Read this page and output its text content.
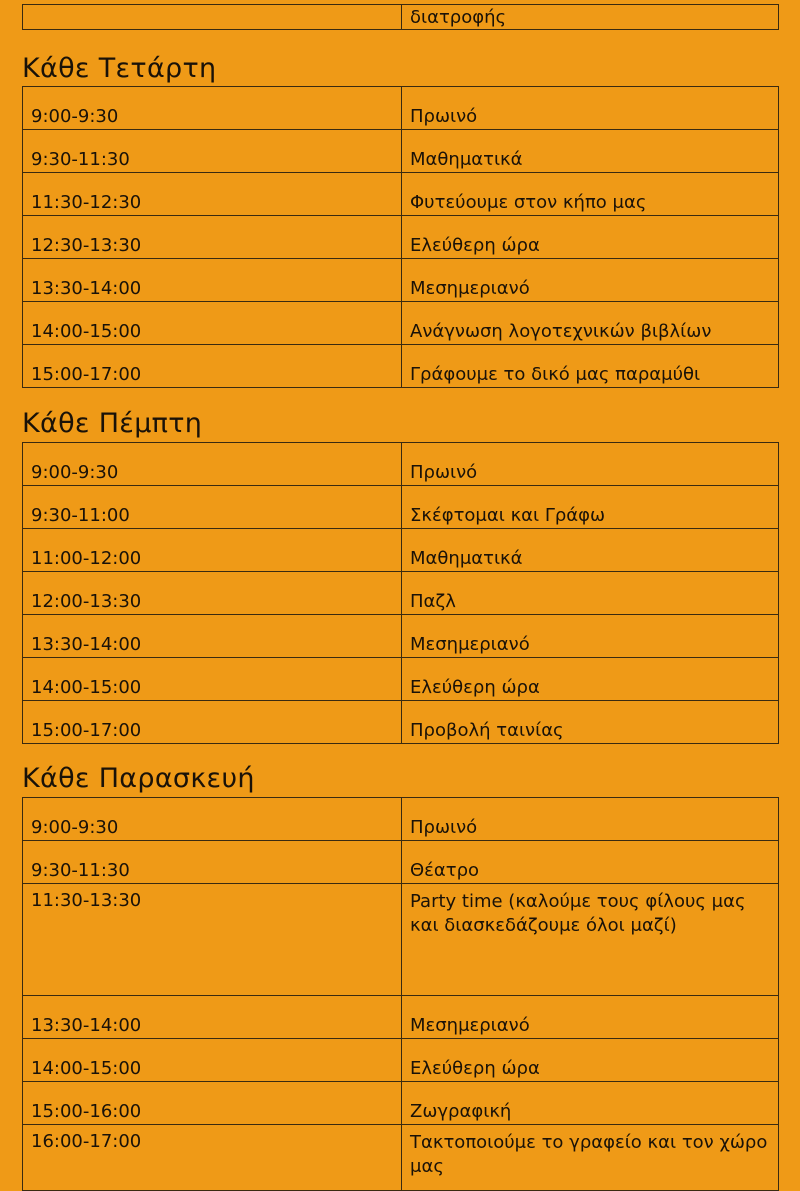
	διατροφής
Κάθε Τετάρτη
9:00-9:30	Πρωινό
9:30-11:30	Μαθηματικά
11:30-12:30	Φυτεύουμε στον κήπο μας
12:30-13:30	Ελεύθερη ώρα
13:30-14:00	Μεσημεριανό
14:00-15:00	Ανάγνωση λογοτεχνικών βιβλίων
15:00-17:00	Γράφουμε το δικό μας παραμύθι
Κάθε Πέμπτη
9:00-9:30	Πρωινό
9:30-11:00	Σκέφτομαι και Γράφω
11:00-12:00	Μαθηματικά
12:00-13:30	Παζλ
13:30-14:00	Μεσημεριανό
14:00-15:00	Ελεύθερη ώρα
15:00-17:00	Προβολή ταινίας
Κάθε Παρασκευή
9:00-9:30	Πρωινό
9:30-11:30	Θέατρο
11:30-13:30	Party time (καλούμε τους φίλους μας και διασκεδάζουμε όλοι μαζί)
13:30-14:00	Μεσημεριανό
14:00-15:00	Ελεύθερη ώρα
15:00-16:00	Ζωγραφική
16:00-17:00	Τακτοποιούμε το γραφείο και τον χώρο μας
